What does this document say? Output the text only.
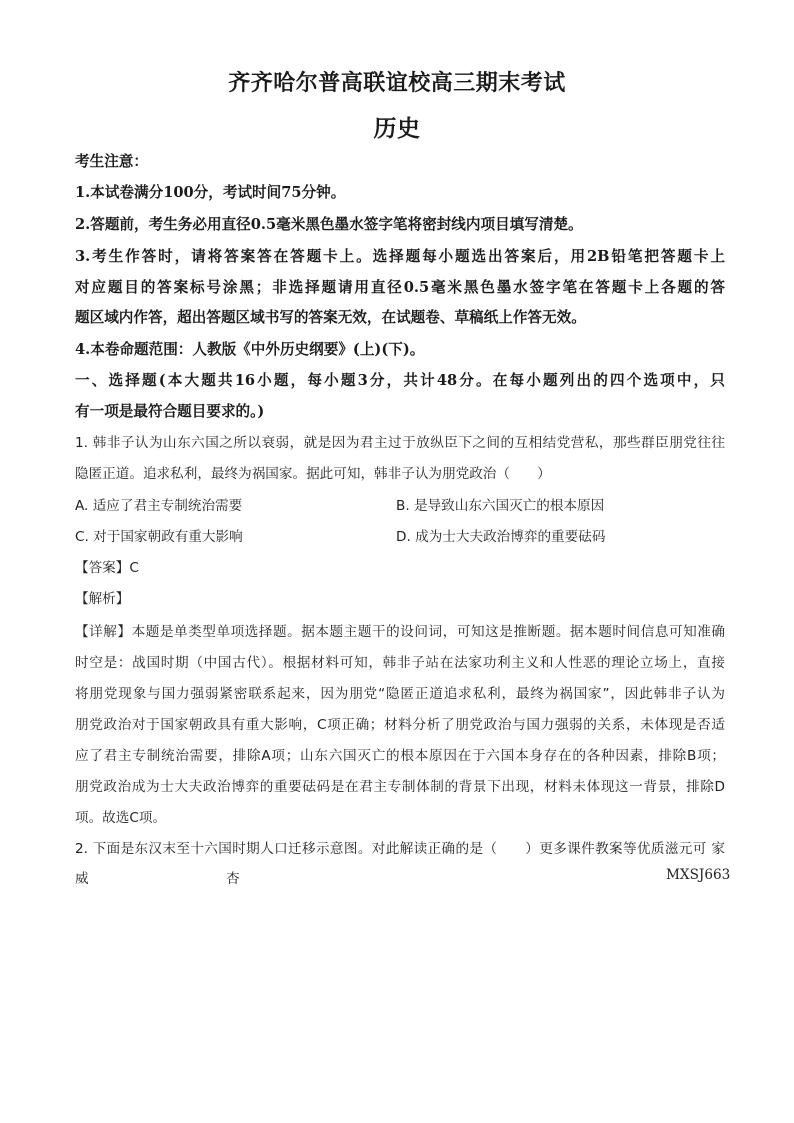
齐齐哈尔普高联谊校高三期末考试
历史
考生注意：
1.本试卷满分100分，考试时间75分钟。
2.答题前，考生务必用直径0.5毫米黑色墨水签字笔将密封线内项目填写清楚。
3.考生作答时，请将答案答在答题卡上。选择题每小题选出答案后，用2B铅笔把答题卡上
对应题目的答案标号涂黑；非选择题请用直径0.5毫米黑色墨水签字笔在答题卡上各题的答
题区域内作答，超出答题区域书写的答案无效，在试题卷、草稿纸上作答无效。
4.本卷命题范围：人教版《中外历史纲要》(上)(下)。
一、选择题(本大题共16小题，每小题3分，共计48分。在每小题列出的四个选项中，只
有一项是最符合题目要求的。)
1. 韩非子认为山东六国之所以衰弱，就是因为君主过于放纵臣下之间的互相结党营私，那些群臣朋党往往
隐匿正道。追求私利，最终为祸国家。据此可知，韩非子认为朋党政治（　　）
A. 适应了君主专制统治需要	B. 是导致山东六国灭亡的根本原因
C. 对于国家朝政有重大影响	D. 成为士大夫政治博弈的重要砝码
【答案】C
【解析】
【详解】本题是单类型单项选择题。据本题主题干的设问词，可知这是推断题。据本题时间信息可知准确
时空是：战国时期（中国古代）。根据材料可知，韩非子站在法家功利主义和人性恶的理论立场上，直接
将朋党现象与国力强弱紧密联系起来，因为朋党“隐匿正道追求私利，最终为祸国家”，因此韩非子认为
朋党政治对于国家朝政具有重大影响，C项正确；材料分析了朋党政治与国力强弱的关系，未体现是否适
应了君主专制统治需要，排除A项；山东六国灭亡的根本原因在于六国本身存在的各种因素，排除B项；
朋党政治成为士大夫政治博弈的重要砝码是在君主专制体制的背景下出现，材料未体现这一背景，排除D
项。故选C项。
2. 下面是东汉末至十六国时期人口迁移示意图。对此解读正确的是（　　）更多课件教案等优质滋元可 家
威	杏	MXSJ663
